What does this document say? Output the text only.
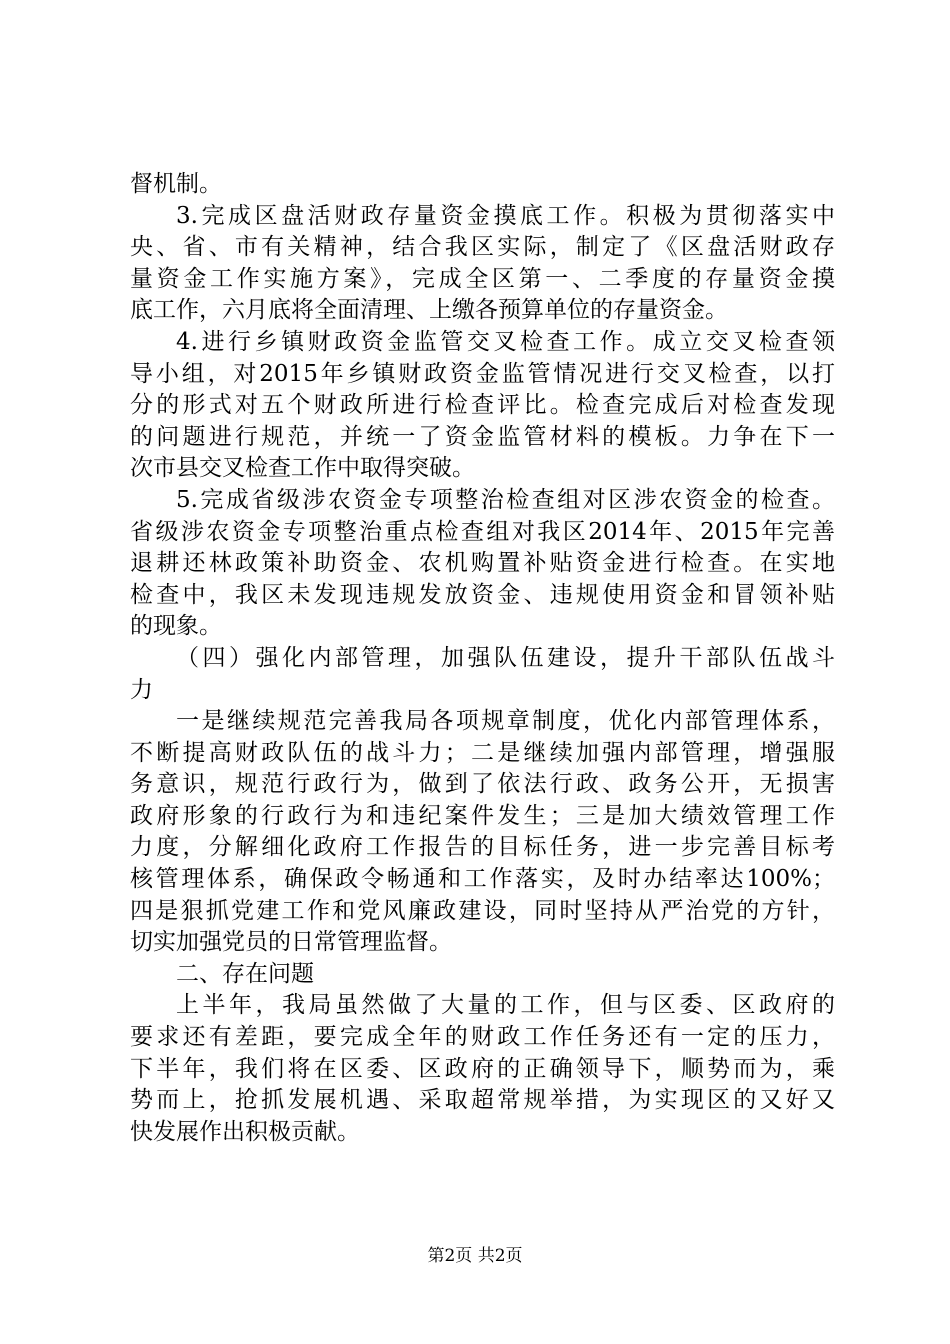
督机制。
3.完成区盘活财政存量资金摸底工作。积极为贯彻落实中
央、省、市有关精神，结合我区实际，制定了《区盘活财政存
量资金工作实施方案》，完成全区第一、二季度的存量资金摸
底工作，六月底将全面清理、上缴各预算单位的存量资金。
4.进行乡镇财政资金监管交叉检查工作。成立交叉检查领
导小组，对2015年乡镇财政资金监管情况进行交叉检查，以打
分的形式对五个财政所进行检查评比。检查完成后对检查发现
的问题进行规范，并统一了资金监管材料的模板。力争在下一
次市县交叉检查工作中取得突破。
5.完成省级涉农资金专项整治检查组对区涉农资金的检查。
省级涉农资金专项整治重点检查组对我区2014年、2015年完善
退耕还林政策补助资金、农机购置补贴资金进行检查。在实地
检查中，我区未发现违规发放资金、违规使用资金和冒领补贴
的现象。
（四）强化内部管理，加强队伍建设，提升干部队伍战斗
力
一是继续规范完善我局各项规章制度，优化内部管理体系，
不断提高财政队伍的战斗力；二是继续加强内部管理，增强服
务意识，规范行政行为，做到了依法行政、政务公开，无损害
政府形象的行政行为和违纪案件发生；三是加大绩效管理工作
力度，分解细化政府工作报告的目标任务，进一步完善目标考
核管理体系，确保政令畅通和工作落实，及时办结率达100%；
四是狠抓党建工作和党风廉政建设，同时坚持从严治党的方针，
切实加强党员的日常管理监督。
二、存在问题
上半年，我局虽然做了大量的工作，但与区委、区政府的
要求还有差距，要完成全年的财政工作任务还有一定的压力，
下半年，我们将在区委、区政府的正确领导下，顺势而为，乘
势而上，抢抓发展机遇、采取超常规举措，为实现区的又好又
快发展作出积极贡献。
第2页 共2页
